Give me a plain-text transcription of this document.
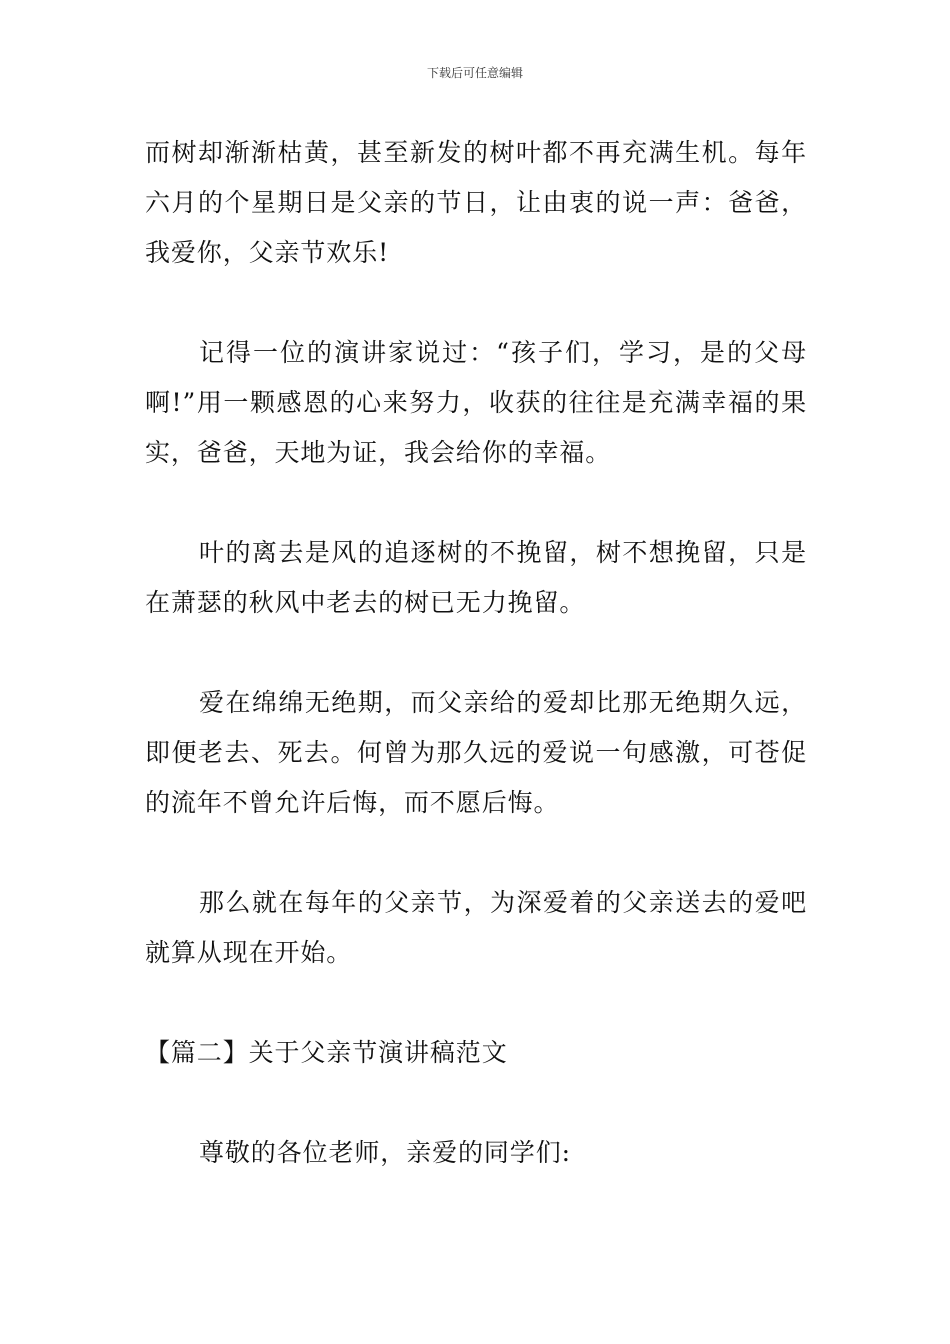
下载后可任意编辑

而树却渐渐枯黄，甚至新发的树叶都不再充满生机。每年六月的个星期日是父亲的节日，让由衷的说一声：爸爸，我爱你，父亲节欢乐!

记得一位的演讲家说过：“孩子们，学习，是的父母啊!”用一颗感恩的心来努力，收获的往往是充满幸福的果实，爸爸，天地为证，我会给你的幸福。

叶的离去是风的追逐树的不挽留，树不想挽留，只是在萧瑟的秋风中老去的树已无力挽留。

爱在绵绵无绝期，而父亲给的爱却比那无绝期久远，即便老去、死去。何曾为那久远的爱说一句感激，可苍促的流年不曾允许后悔，而不愿后悔。

那么就在每年的父亲节，为深爱着的父亲送去的爱吧就算从现在开始。

【篇二】关于父亲节演讲稿范文

尊敬的各位老师，亲爱的同学们:
